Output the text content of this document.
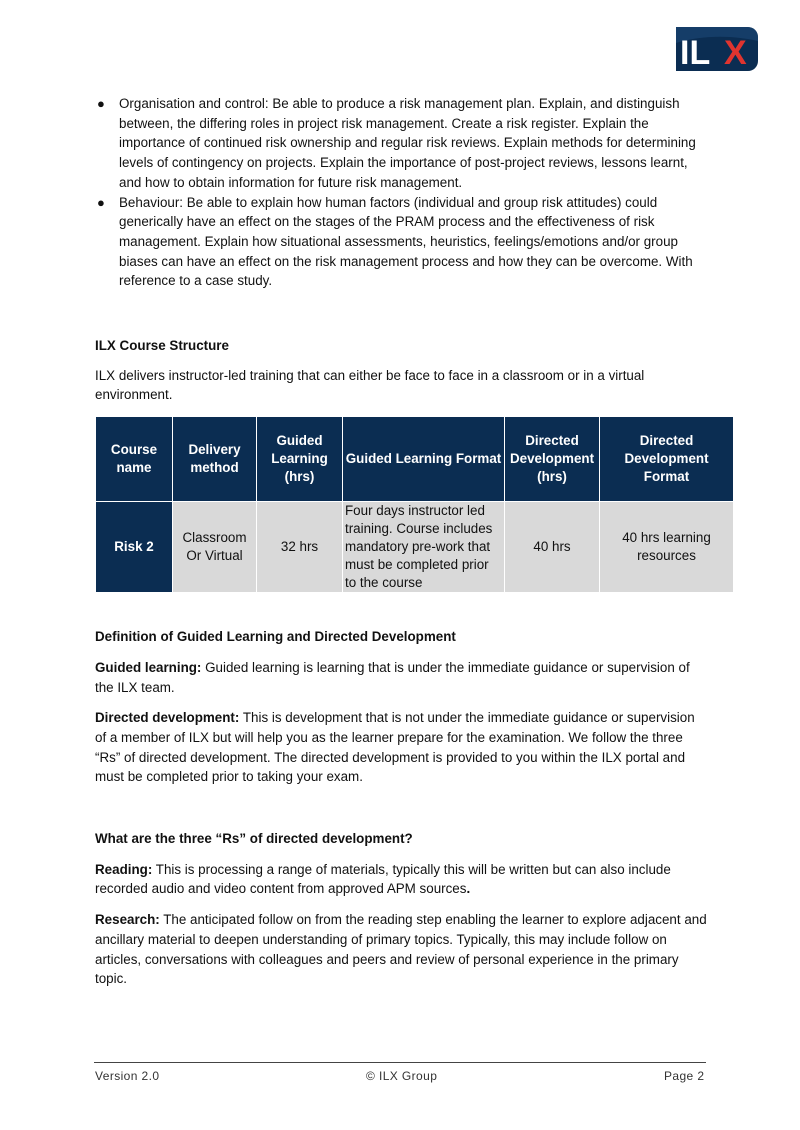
IL X
● Organisation and control: Be able to produce a risk management plan. Explain, and distinguish between, the differing roles in project risk management. Create a risk register. Explain the importance of continued risk ownership and regular risk reviews. Explain methods for determining levels of contingency on projects. Explain the importance of post-project reviews, lessons learnt, and how to obtain information for future risk management.
● Behaviour: Be able to explain how human factors (individual and group risk attitudes) could generically have an effect on the stages of the PRAM process and the effectiveness of risk management. Explain how situational assessments, heuristics, feelings/emotions and/or group biases can have an effect on the risk management process and how they can be overcome. With reference to a case study.

ILX Course Structure

ILX delivers instructor-led training that can either be face to face in a classroom or in a virtual environment.

Course name	Delivery method	Guided Learning (hrs)	Guided Learning Format	Directed Development (hrs)	Directed Development Format
Risk 2	Classroom Or Virtual	32 hrs	Four days instructor led training. Course includes mandatory pre-work that must be completed prior to the course	40 hrs	40 hrs learning resources

Definition of Guided Learning and Directed Development

Guided learning: Guided learning is learning that is under the immediate guidance or supervision of the ILX team.

Directed development: This is development that is not under the immediate guidance or supervision of a member of ILX but will help you as the learner prepare for the examination. We follow the three “Rs” of directed development. The directed development is provided to you within the ILX portal and must be completed prior to taking your exam.

What are the three “Rs” of directed development?

Reading: This is processing a range of materials, typically this will be written but can also include recorded audio and video content from approved APM sources.

Research: The anticipated follow on from the reading step enabling the learner to explore adjacent and ancillary material to deepen understanding of primary topics. Typically, this may include follow on articles, conversations with colleagues and peers and review of personal experience in the primary topic.

Version 2.0	© ILX Group	Page 2
